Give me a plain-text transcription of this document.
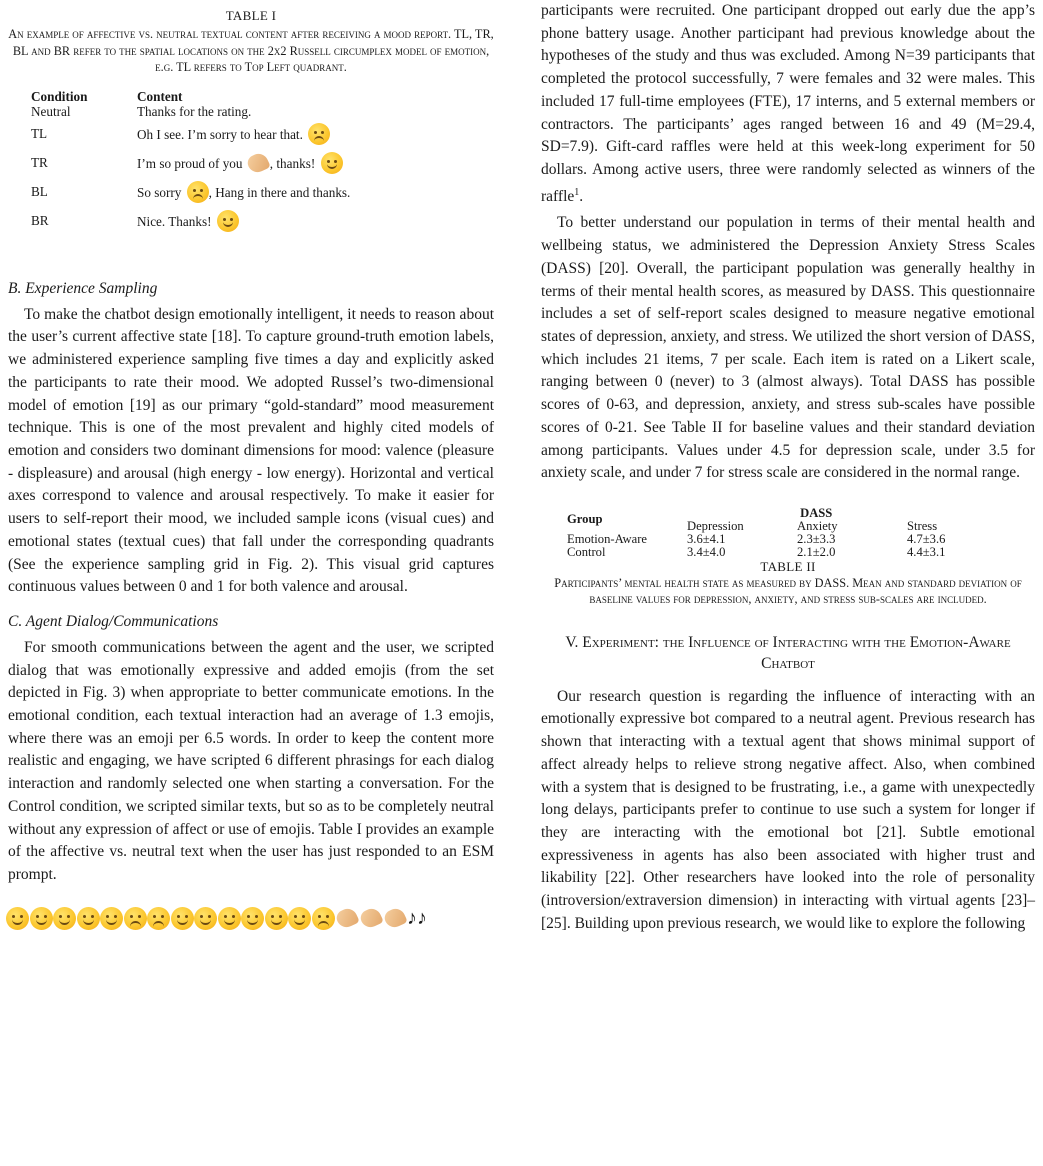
TABLE I
An example of affective vs. neutral textual content after receiving a mood report. TL, TR, BL and BR refer to the spatial locations on the 2x2 Russell circumplex model of emotion, e.g. TL refers to Top Left quadrant.
Condition	Content
Neutral	Thanks for the rating.
TL	Oh I see. I’m sorry to hear that.

TR	I’m so proud of you , thanks!

BL	So sorry , Hang in there and thanks.
BR	Nice. Thanks!

B. Experience Sampling

To make the chatbot design emotionally intelligent, it needs to reason about the user’s current affective state [18]. To capture ground-truth emotion labels, we administered experience sampling five times a day and explicitly asked the participants to rate their mood. We adopted Russel’s two-dimensional model of emotion [19] as our primary “gold-standard” mood measurement technique. This is one of the most prevalent and highly cited models of emotion and considers two dominant dimensions for mood: valence (pleasure - displeasure) and arousal (high energy - low energy). Horizontal and vertical axes correspond to valence and arousal respectively. To make it easier for users to self-report their mood, we included sample icons (visual cues) and emotional states (textual cues) that fall under the corresponding quadrants (See the experience sampling grid in Fig. 2). This visual grid captures continuous values between 0 and 1 for both valence and arousal.

C. Agent Dialog/Communications

For smooth communications between the agent and the user, we scripted dialog that was emotionally expressive and added emojis (from the set depicted in Fig. 3) when appropriate to better communicate emotions. In the emotional condition, each textual interaction had an average of 1.3 emojis, where there was an emoji per 6.5 words. In order to keep the content more realistic and engaging, we have scripted 6 different phrasings for each dialog interaction and randomly selected one when starting a conversation. For the Control condition, we scripted similar texts, but so as to be completely neutral without any expression of affect or use of emojis. Table I provides an example of the affective vs. neutral text when the user has just responded to an ESM prompt.

♪♪

participants were recruited. One participant dropped out early due the app’s phone battery usage. Another participant had previous knowledge about the hypotheses of the study and thus was excluded. Among N=39 participants that completed the protocol successfully, 7 were females and 32 were males. This included 17 full-time employees (FTE), 17 interns, and 5 external members or contractors. The participants’ ages ranged between 16 and 49 (M=29.4, SD=7.9). Gift-card raffles were held at this week-long experiment for 50 dollars. Among active users, three were randomly selected as winners of the raffle$^1$.

To better understand our population in terms of their mental health and wellbeing status, we administered the Depression Anxiety Stress Scales (DASS) [20]. Overall, the participant population was generally healthy in terms of their mental health scores, as measured by DASS. This questionnaire includes a set of self-report scales designed to measure negative emotional states of depression, anxiety, and stress. We utilized the short version of DASS, which includes 21 items, 7 per scale. Each item is rated on a Likert scale, ranging between 0 (never) to 3 (almost always). Total DASS has possible scores of 0-63, and depression, anxiety, and stress sub-scales have possible scores of 0-21. See Table II for baseline values and their standard deviation among participants. Values under 4.5 for depression scale, under 3.5 for anxiety scale, and under 7 for stress scale are considered in the normal range.

Group	DASS		
	Depression	Anxiety	Stress
Emotion-Aware	3.6±4.1	2.3±3.3	4.7±3.6
Control	3.4±4.0	2.1±2.0	4.4±3.1
TABLE II
Participants’ mental health state as measured by DASS. Mean and standard deviation of baseline values for depression, anxiety, and stress sub-scales are included.
V. Experiment: the Influence of Interacting with the Emotion-Aware Chatbot

Our research question is regarding the influence of interacting with an emotionally expressive bot compared to a neutral agent. Previous research has shown that interacting with a textual agent that shows minimal support of affect already helps to relieve strong negative affect. Also, when combined with a system that is designed to be frustrating, i.e., a game with unexpectedly long delays, participants prefer to continue to use such a system for longer if they are interacting with the emotional bot [21]. Subtle emotional expressiveness in agents has also been associated with higher trust and likability [22]. Other researchers have looked into the role of personality (introversion/extraversion dimension) in interacting with virtual agents [23]–[25]. Building upon previous research, we would like to explore the following
